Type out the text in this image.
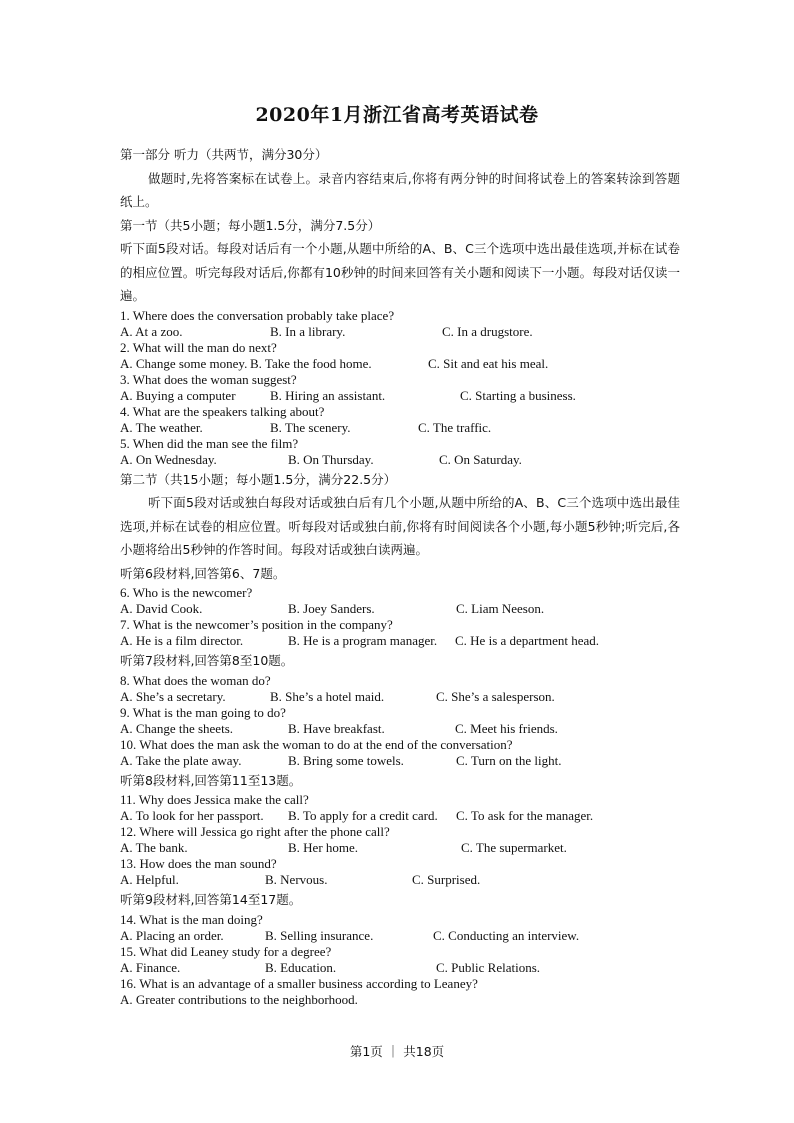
2020年1月浙江省高考英语试卷
第一部分 听力（共两节，满分30分）
做题时,先将答案标在试卷上。录音内容结束后,你将有两分钟的时间将试卷上的答案转涂到答题纸上。
第一节（共5小题；每小题1.5分，满分7.5分）
听下面5段对话。每段对话后有一个小题,从题中所给的A、B、C三个选项中选出最佳选项,并标在试卷的相应位置。听完每段对话后,你都有10秒钟的时间来回答有关小题和阅读下一小题。每段对话仅读一遍。
1. Where does the conversation probably take place?
A. At a zoo.	B. In a library.	C. In a drugstore.
2. What will the man do next?
A. Change some money. B. Take the food home.	C. Sit and eat his meal.
3. What does the woman suggest?
A. Buying a computer	B. Hiring an assistant.	C. Starting a business.
4. What are the speakers talking about?
A. The weather.	B. The scenery.	C. The traffic.
5. When did the man see the film?
A. On Wednesday.	B. On Thursday.	C. On Saturday.
第二节（共15小题；每小题1.5分，满分22.5分）
听下面5段对话或独白每段对话或独白后有几个小题,从题中所给的A、B、C三个选项中选出最佳选项,并标在试卷的相应位置。听每段对话或独白前,你将有时间阅读各个小题,每小题5秒钟;听完后,各小题将给出5秒钟的作答时间。每段对话或独白读两遍。
听第6段材料,回答第6、7题。
6. Who is the newcomer?
A. David Cook.	B. Joey Sanders.	C. Liam Neeson.
7. What is the newcomer’s position in the company?
A. He is a film director.	B. He is a program manager. C. He is a department head.
听第7段材料,回答第8至10题。
8. What does the woman do?
A. She’s a secretary.	B. She’s a hotel maid.	C. She’s a salesperson.
9. What is the man going to do?
A. Change the sheets.	B. Have breakfast.	C. Meet his friends.
10. What does the man ask the woman to do at the end of the conversation?
A. Take the plate away.	B. Bring some towels.	C. Turn on the light.
听第8段材料,回答第11至13题。
11. Why does Jessica make the call?
A. To look for her passport. B. To apply for a credit card. C. To ask for the manager.
12. Where will Jessica go right after the phone call?
A. The bank.	B. Her home.	C. The supermarket.
13. How does the man sound?
A. Helpful.	B. Nervous.	C. Surprised.
听第9段材料,回答第14至17题。
14. What is the man doing?
A. Placing an order.	B. Selling insurance.	C. Conducting an interview.
15. What did Leaney study for a degree?
A. Finance.	B. Education.	C. Public Relations.
16. What is an advantage of a smaller business according to Leaney?
A. Greater contributions to the neighborhood.
第1页 ｜ 共18页
